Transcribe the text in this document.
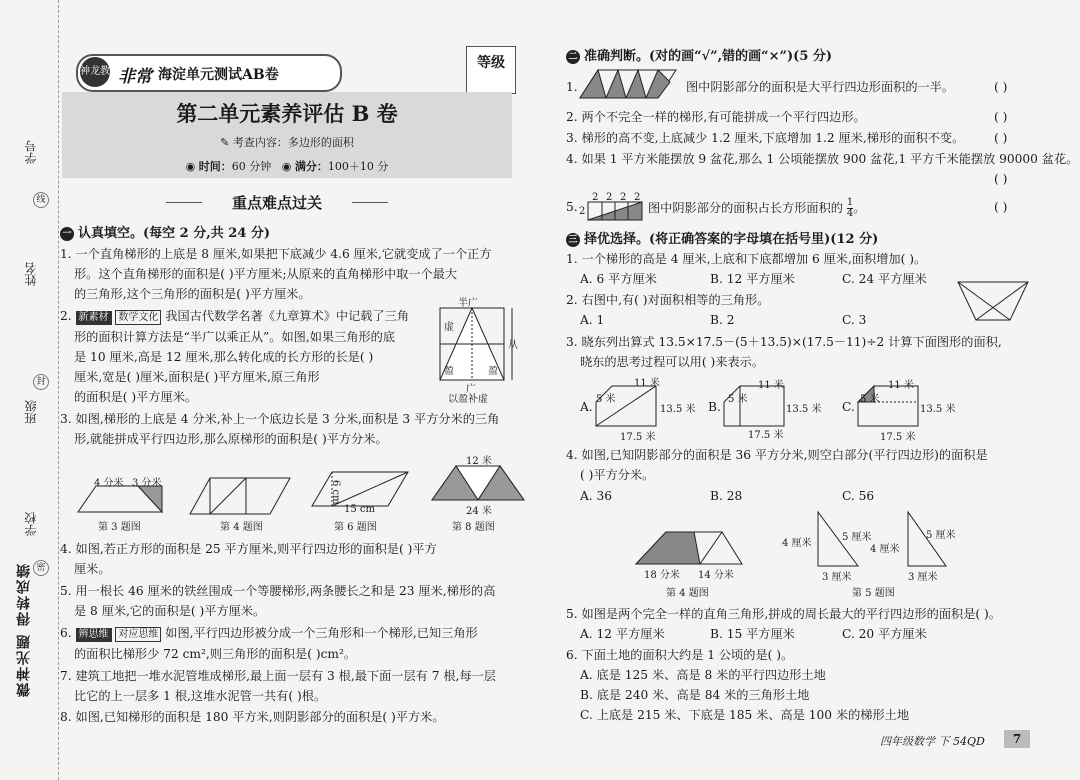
学号
姓名
班级
学校
线
封
密
微神光题 得转成绩
神龙教 非常 海淀单元测试AB卷
等级
第二单元素养评估 B 卷
✎ 考查内容：多边形的面积
◉ 时间：60 分钟   ◉ 满分：100＋10 分
重点难点过关
一 认真填空。(每空 2 分,共 24 分)
1. 一个直角梯形的上底是 8 厘米,如果把下底减少 4.6 厘米,它就变成了一个正方
形。这个直角梯形的面积是( )平方厘米;从原来的直角梯形中取一个最大
的三角形,这个三角形的面积是( )平方厘米。
2. 新素材 数学文化 我国古代数学名著《九章算术》中记载了三角
形的面积计算方法是“半广以乘正从”。如图,如果三角形的底
是 10 厘米,高是 12 厘米,那么转化成的长方形的长是( )
厘米,宽是( )厘米,面积是( )平方厘米,原三角形
的面积是( )平方厘米。
半广
从
广
虚
盈	盈
以盈补虚
3. 如图,梯形的上底是 4 分米,补上一个底边长是 3 分米,面积是 3 平方分米的三角
形,就能拼成平行四边形,那么原梯形的面积是( )平方分米。
4 分米 3 分米
第 3 题图	第 4 题图
6 cm
15 cm
第 6 题图
12 米
24 米
第 8 题图
4. 如图,若正方形的面积是 25 平方厘米,则平行四边形的面积是( )平方
厘米。
5. 用一根长 46 厘米的铁丝围成一个等腰梯形,两条腰长之和是 23 厘米,梯形的高
是 8 厘米,它的面积是( )平方厘米。
6. 辨思维 对应思维 如图,平行四边形被分成一个三角形和一个梯形,已知三角形
的面积比梯形少 72 cm²,则三角形的面积是( )cm²。
7. 建筑工地把一堆水泥管堆成梯形,最上面一层有 3 根,最下面一层有 7 根,每一层
比它的上一层多 1 根,这堆水泥管一共有( )根。
8. 如图,已知梯形的面积是 180 平方米,则阴影部分的面积是( )平方米。
二 准确判断。(对的画“√”,错的画“×”)(5 分)
1.	图中阴影部分的面积是大平行四边形面积的一半。	( )
2. 两个不完全一样的梯形,有可能拼成一个平行四边形。	( )
3. 梯形的高不变,上底减少 1.2 厘米,下底增加 1.2 厘米,梯形的面积不变。 ( )
4. 如果 1 平方米能摆放 9 盆花,那么 1 公顷能摆放 900 盆花,1 平方千米能摆放 90000 盆花。
( )
5.
2 2 2 2
2	图中阴影部分的面积占长方形面积的 $\frac{1}{4}$。	( )
三 择优选择。(将正确答案的字母填在括号里)(12 分)
1. 一个梯形的高是 4 厘米,上底和下底都增加 6 厘米,面积增加( )。
A. 6 平方厘米	B. 12 平方厘米	C. 24 平方厘米
2. 右图中,有( )对面积相等的三角形。
A. 1	B. 2	C. 3
3. 晓东列出算式 13.5×17.5－(5＋13.5)×(17.5－11)÷2 计算下面图形的面积,
晓东的思考过程可以用( )来表示。
A.	B.	C.
11 米
5 米
13.5 米
17.5 米
11 米
5 米
13.5 米
17.5 米
11 米
5 米
13.5 米
17.5 米
4. 如图,已知阴影部分的面积是 36 平方分米,则空白部分(平行四边形)的面积是
( )平方分米。
A. 36	B. 28	C. 56
18 分米 14 分米
第 4 题图
4 厘米
5 厘米
3 厘米
4 厘米
5 厘米
3 厘米
第 5 题图
5. 如图是两个完全一样的直角三角形,拼成的周长最大的平行四边形的面积是( )。
A. 12 平方厘米	B. 15 平方厘米	C. 20 平方厘米
6. 下面土地的面积大约是 1 公顷的是( )。
A. 底是 125 米、高是 8 米的平行四边形土地
B. 底是 240 米、高是 84 米的三角形土地
C. 上底是 215 米、下底是 185 米、高是 100 米的梯形土地
四年级数学 下 54QD	7
